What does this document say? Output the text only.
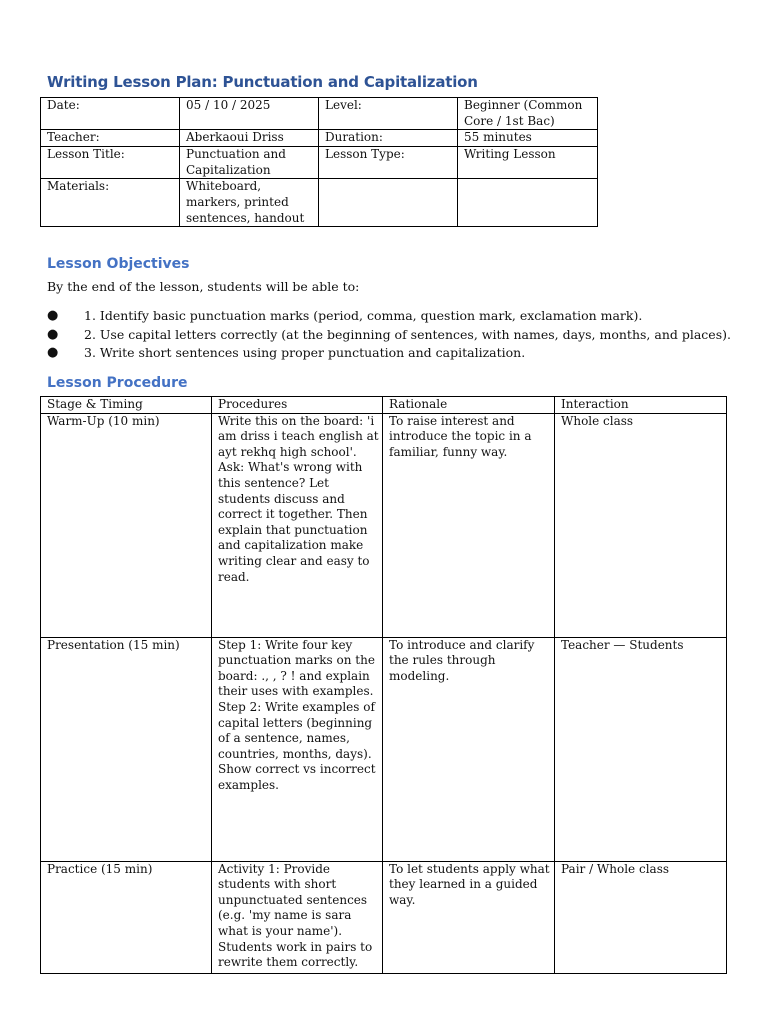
Writing Lesson Plan: Punctuation and Capitalization
Date:	05 / 10 / 2025	Level:	Beginner (Common Core / 1st Bac)
Teacher:	Aberkaoui Driss	Duration:	55 minutes
Lesson Title:	Punctuation and Capitalization	Lesson Type:	Writing Lesson
Materials:	Whiteboard, markers, printed sentences, handout		
Lesson Objectives
By the end of the lesson, students will be able to:
● 1. Identify basic punctuation marks (period, comma, question mark, exclamation mark).
● 2. Use capital letters correctly (at the beginning of sentences, with names, days, months, and places).
● 3. Write short sentences using proper punctuation and capitalization.
Lesson Procedure
Stage & Timing	Procedures	Rationale	Interaction
Warm-Up (10 min)	Write this on the board: 'i am driss i teach english at ayt rekhq high school'. Ask: What's wrong with this sentence? Let students discuss and correct it together. Then explain that punctuation and capitalization make writing clear and easy to read.	To raise interest and introduce the topic in a familiar, funny way.	Whole class
Presentation (15 min)	Step 1: Write four key punctuation marks on the board: ., , ? ! and explain their uses with examples. Step 2: Write examples of capital letters (beginning of a sentence, names, countries, months, days). Show correct vs incorrect examples.	To introduce and clarify the rules through modeling.	Teacher — Students
Practice (15 min)	Activity 1: Provide students with short unpunctuated sentences (e.g. 'my name is sara what is your name'). Students work in pairs to rewrite them correctly.	To let students apply what they learned in a guided way.	Pair / Whole class
